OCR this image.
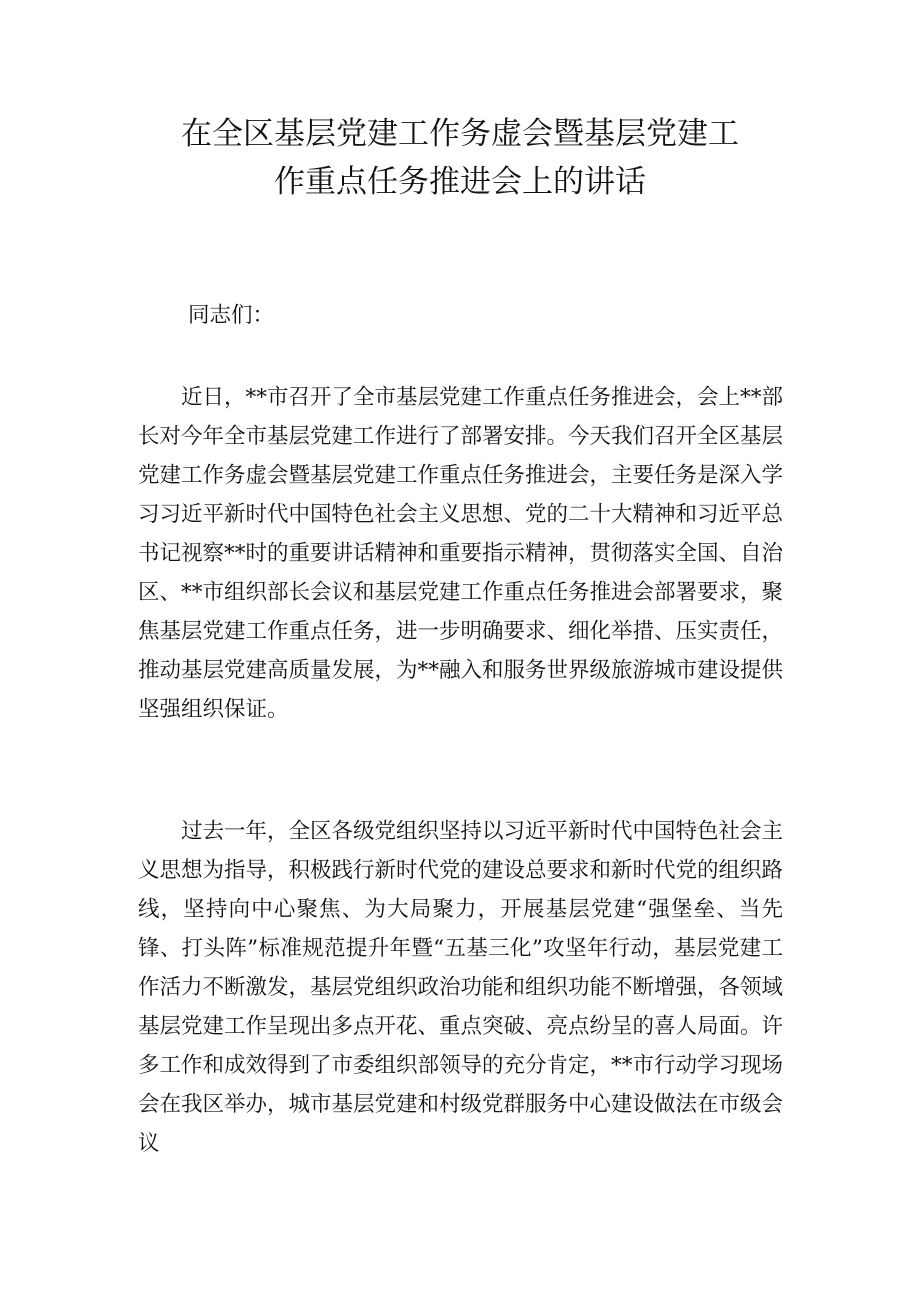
在全区基层党建工作务虚会暨基层党建工
作重点任务推进会上的讲话

同志们：

近日，**市召开了全市基层党建工作重点任务推进会，会上**部长对今年全市基层党建工作进行了部署安排。今天我们召开全区基层党建工作务虚会暨基层党建工作重点任务推进会，主要任务是深入学习习近平新时代中国特色社会主义思想、党的二十大精神和习近平总书记视察**时的重要讲话精神和重要指示精神，贯彻落实全国、自治区、**市组织部长会议和基层党建工作重点任务推进会部署要求，聚焦基层党建工作重点任务，进一步明确要求、细化举措、压实责任，推动基层党建高质量发展，为**融入和服务世界级旅游城市建设提供坚强组织保证。

过去一年，全区各级党组织坚持以习近平新时代中国特色社会主义思想为指导，积极践行新时代党的建设总要求和新时代党的组织路线，坚持向中心聚焦、为大局聚力，开展基层党建“强堡垒、当先锋、打头阵”标准规范提升年暨“五基三化”攻坚年行动，基层党建工作活力不断激发，基层党组织政治功能和组织功能不断增强，各领域基层党建工作呈现出多点开花、重点突破、亮点纷呈的喜人局面。许多工作和成效得到了市委组织部领导的充分肯定，**市行动学习现场会在我区举办，城市基层党建和村级党群服务中心建设做法在市级会议
